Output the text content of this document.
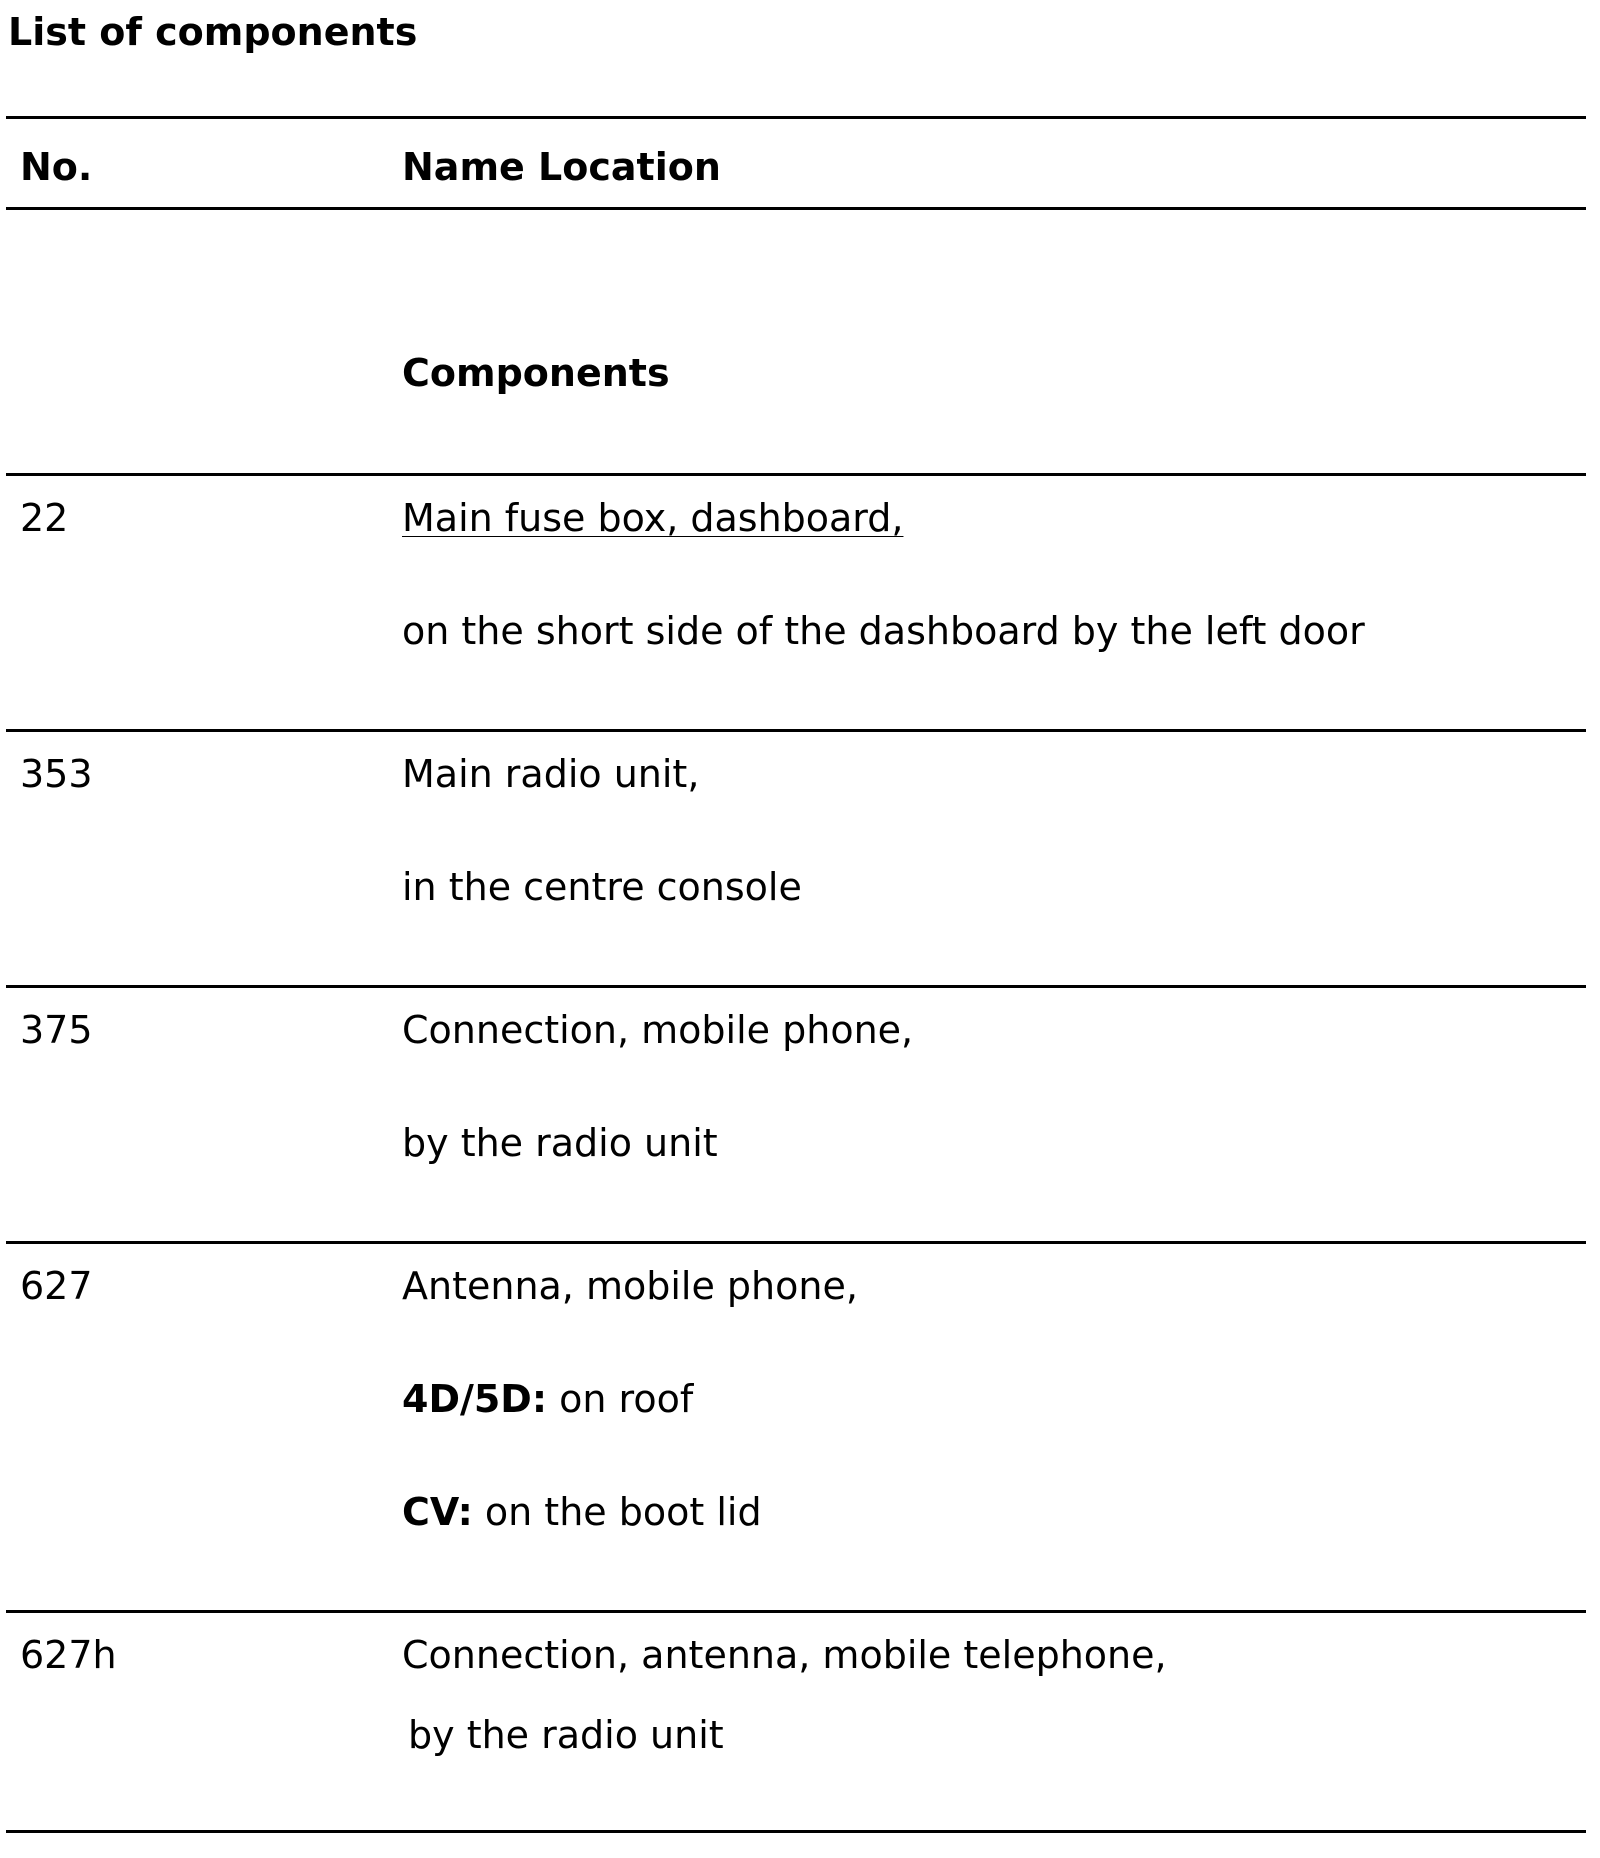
List of components
No.	Name Location
Components
22	Main fuse box, dashboard,
on the short side of the dashboard by the left door
353	Main radio unit,
in the centre console
375	Connection, mobile phone,
by the radio unit
627	Antenna, mobile phone,
4D/5D: on roof
CV: on the boot lid
627h	Connection, antenna, mobile telephone,
by the radio unit
